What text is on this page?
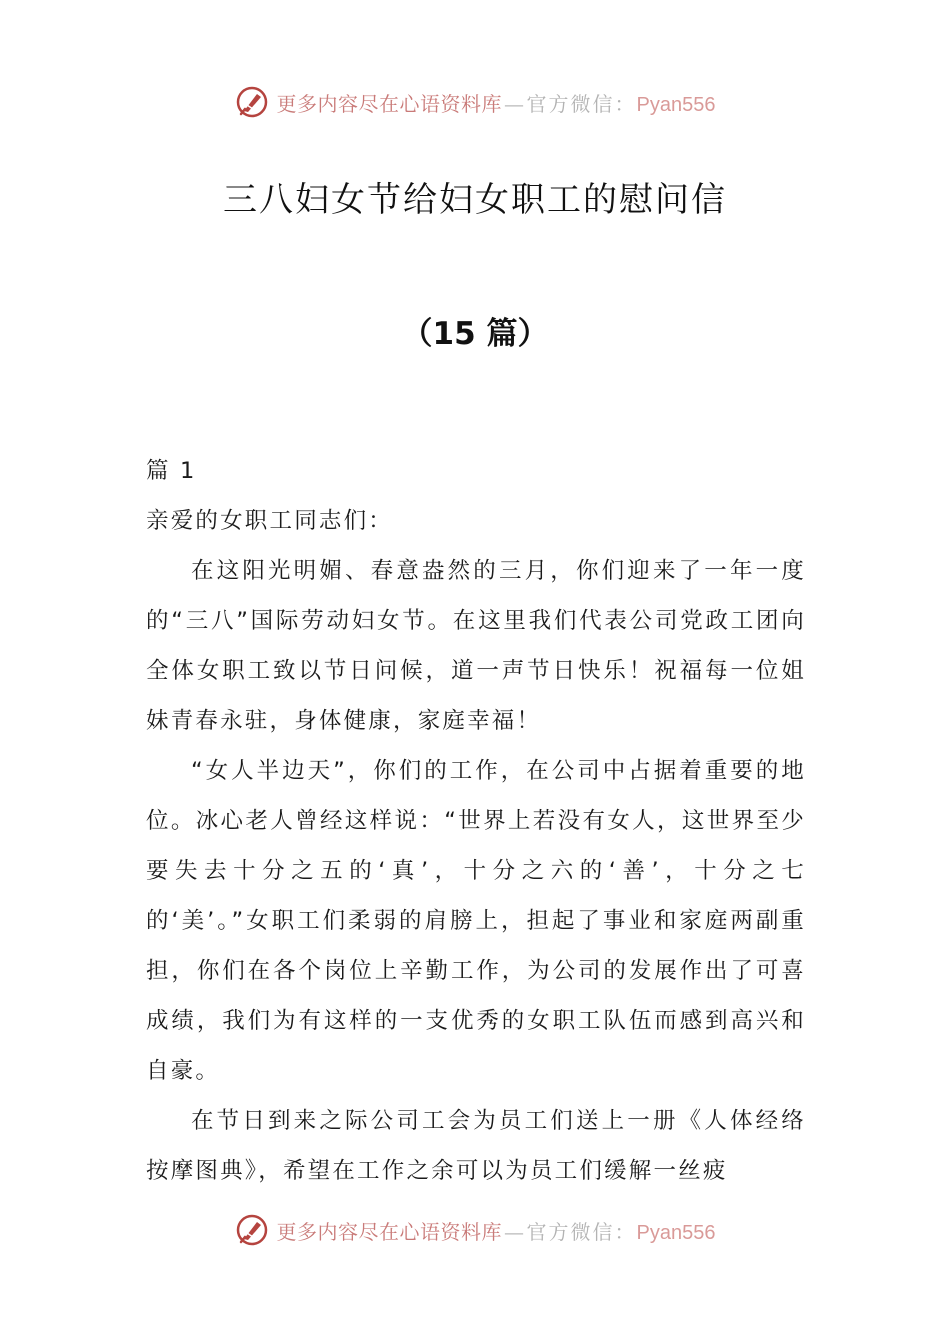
更多内容尽在心语资料库 — 官方微信： Pyan556
三八妇女节给妇女职工的慰问信
（15 篇）

篇 1

亲爱的女职工同志们：

在这阳光明媚、春意盎然的三月，你们迎来了一年一度的“三八”国际劳动妇女节。在这里我们代表公司党政工团向全体女职工致以节日问候，道一声节日快乐！祝福每一位姐妹青春永驻，身体健康，家庭幸福！

“女人半边天”，你们的工作，在公司中占据着重要的地位。冰心老人曾经这样说：“世界上若没有女人，这世界至少要失去十分之五的‘真’，十分之六的‘善’，十分之七的‘美’。”女职工们柔弱的肩膀上，担起了事业和家庭两副重担，你们在各个岗位上辛勤工作，为公司的发展作出了可喜成绩，我们为有这样的一支优秀的女职工队伍而感到高兴和自豪。

在节日到来之际公司工会为员工们送上一册《人体经络按摩图典》，希望在工作之余可以为员工们缓解一丝疲

更多内容尽在心语资料库 — 官方微信： Pyan556
